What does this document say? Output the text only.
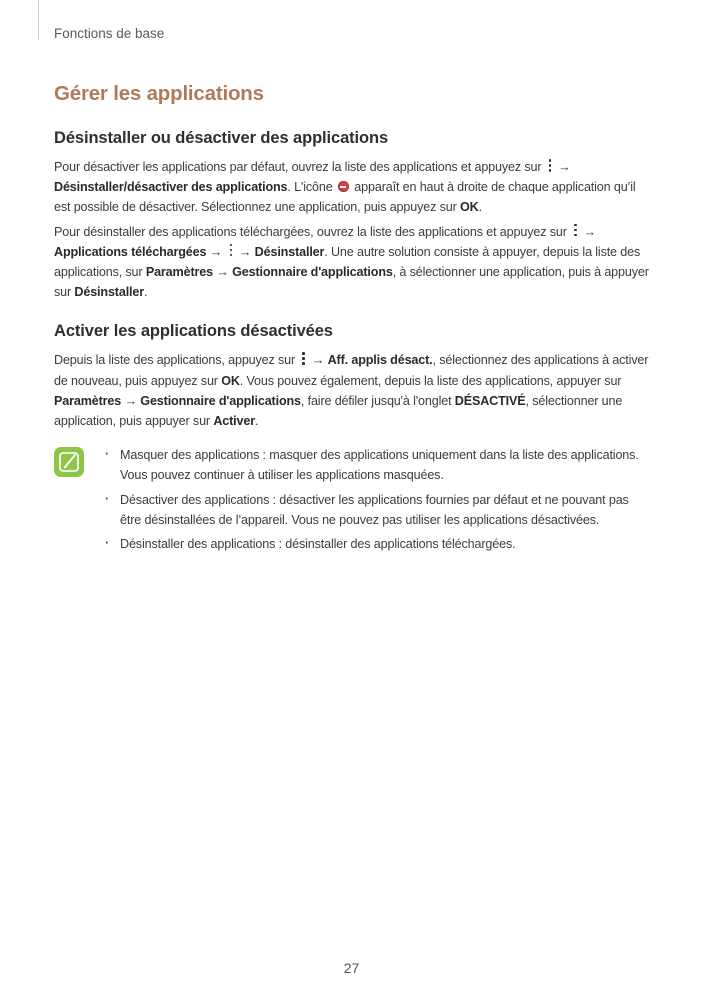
Fonctions de base
Gérer les applications
Désinstaller ou désactiver des applications

Pour désactiver les applications par défaut, ouvrez la liste des applications et appuyez sur → Désinstaller/désactiver des applications. L'icône apparaît en haut à droite de chaque application qu’il est possible de désactiver. Sélectionnez une application, puis appuyez sur OK.

Pour désinstaller des applications téléchargées, ouvrez la liste des applications et appuyez sur → Applications téléchargées → → Désinstaller. Une autre solution consiste à appuyer, depuis la liste des applications, sur Paramètres → Gestionnaire d'applications, à sélectionner une application, puis à appuyer sur Désinstaller.

Activer les applications désactivées

Depuis la liste des applications, appuyez sur → Aff. applis désact., sélectionnez des applications à activer de nouveau, puis appuyez sur OK. Vous pouvez également, depuis la liste des applications, appuyer sur Paramètres → Gestionnaire d'applications, faire défiler jusqu'à l'onglet DÉSACTIVÉ, sélectionner une application, puis appuyer sur Activer.

· Masquer des applications : masquer des applications uniquement dans la liste des applications. Vous pouvez continuer à utiliser les applications masquées.
· Désactiver des applications : désactiver les applications fournies par défaut et ne pouvant pas être désinstallées de l’appareil. Vous ne pouvez pas utiliser les applications désactivées.
· Désinstaller des applications : désinstaller des applications téléchargées.
27
